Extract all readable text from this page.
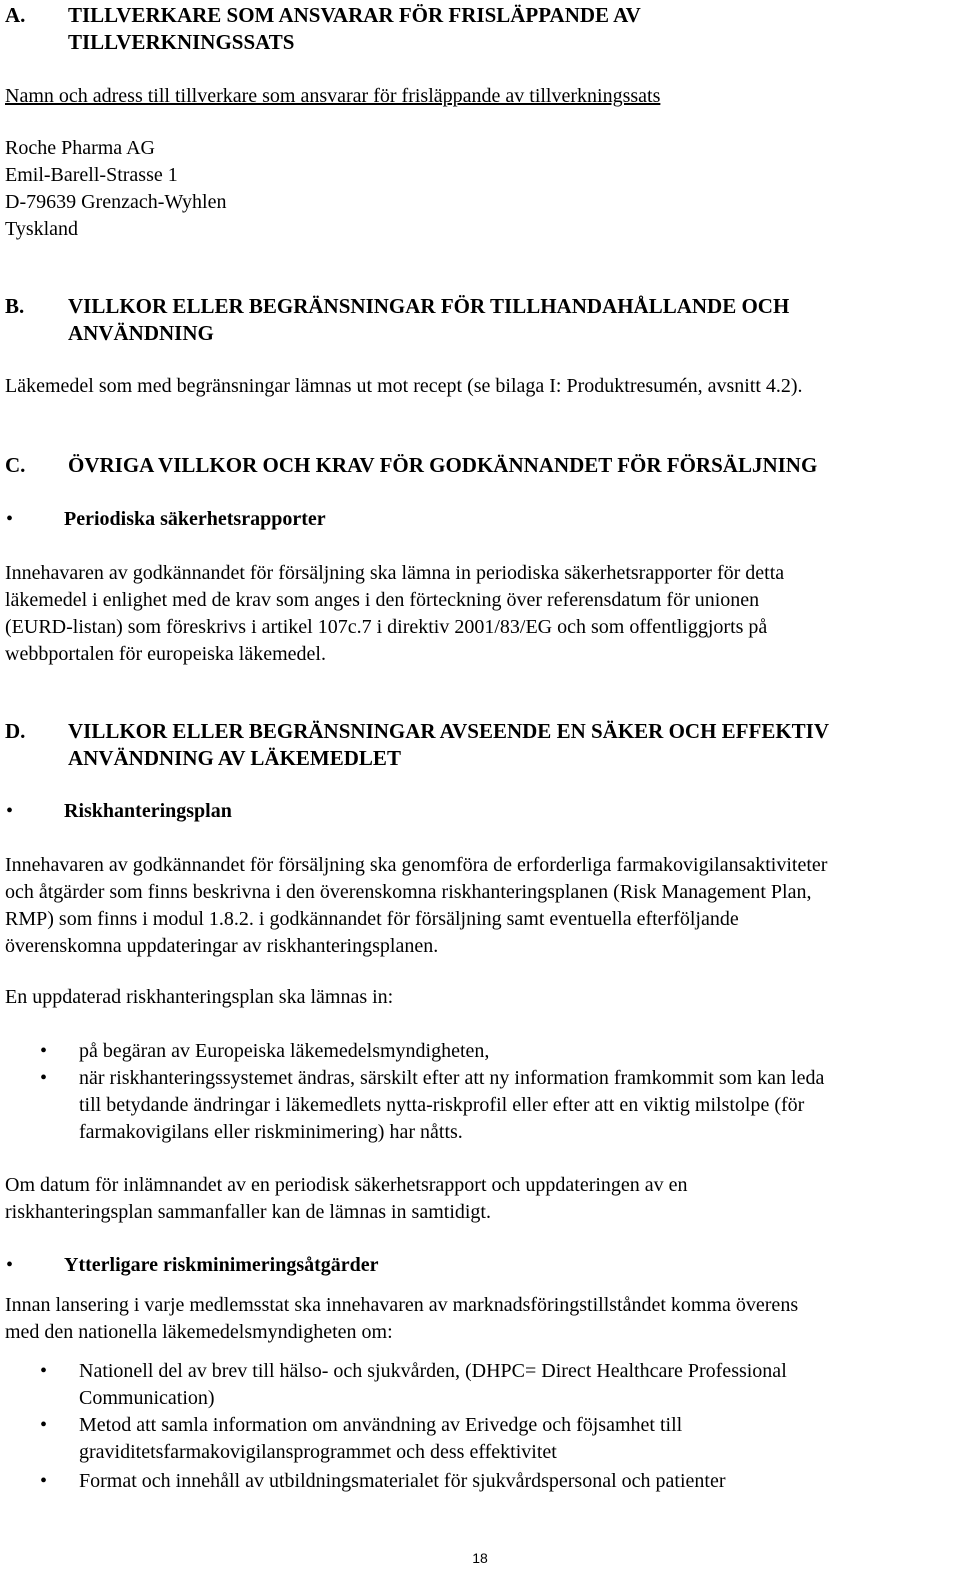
A. TILLVERKARE SOM ANSVARAR FÖR FRISLÄPPANDE AV
TILLVERKNINGSSATS
Namn och adress till tillverkare som ansvarar för frisläppande av tillverkningssats
Roche Pharma AG
Emil-Barell-Strasse 1
D-79639 Grenzach-Wyhlen
Tyskland
B. VILLKOR ELLER BEGRÄNSNINGAR FÖR TILLHANDAHÅLLANDE OCH
ANVÄNDNING
Läkemedel som med begränsningar lämnas ut mot recept (se bilaga I: Produktresumén, avsnitt 4.2).
C. ÖVRIGA VILLKOR OCH KRAV FÖR GODKÄNNANDET FÖR FÖRSÄLJNING
•	Periodiska säkerhetsrapporter
Innehavaren av godkännandet för försäljning ska lämna in periodiska säkerhetsrapporter för detta
läkemedel i enlighet med de krav som anges i den förteckning över referensdatum för unionen
(EURD-listan) som föreskrivs i artikel 107c.7 i direktiv 2001/83/EG och som offentliggjorts på
webbportalen för europeiska läkemedel.
D. VILLKOR ELLER BEGRÄNSNINGAR AVSEENDE EN SÄKER OCH EFFEKTIV
ANVÄNDNING AV LÄKEMEDLET
•	Riskhanteringsplan
Innehavaren av godkännandet för försäljning ska genomföra de erforderliga farmakovigilansaktiviteter
och åtgärder som finns beskrivna i den överenskomna riskhanteringsplanen (Risk Management Plan,
RMP) som finns i modul 1.8.2. i godkännandet för försäljning samt eventuella efterföljande
överenskomna uppdateringar av riskhanteringsplanen.
En uppdaterad riskhanteringsplan ska lämnas in:
• på begäran av Europeiska läkemedelsmyndigheten,
• när riskhanteringssystemet ändras, särskilt efter att ny information framkommit som kan leda
till betydande ändringar i läkemedlets nytta-riskprofil eller efter att en viktig milstolpe (för
farmakovigilans eller riskminimering) har nåtts.
Om datum för inlämnandet av en periodisk säkerhetsrapport och uppdateringen av en
riskhanteringsplan sammanfaller kan de lämnas in samtidigt.
•	Ytterligare riskminimeringsåtgärder
Innan lansering i varje medlemsstat ska innehavaren av marknadsföringstillståndet komma överens
med den nationella läkemedelsmyndigheten om:
• Nationell del av brev till hälso- och sjukvården, (DHPC= Direct Healthcare Professional
Communication)
• Metod att samla information om användning av Erivedge och föjsamhet till
graviditetsfarmakovigilansprogrammet och dess effektivitet
• Format och innehåll av utbildningsmaterialet för sjukvårdspersonal och patienter
18
